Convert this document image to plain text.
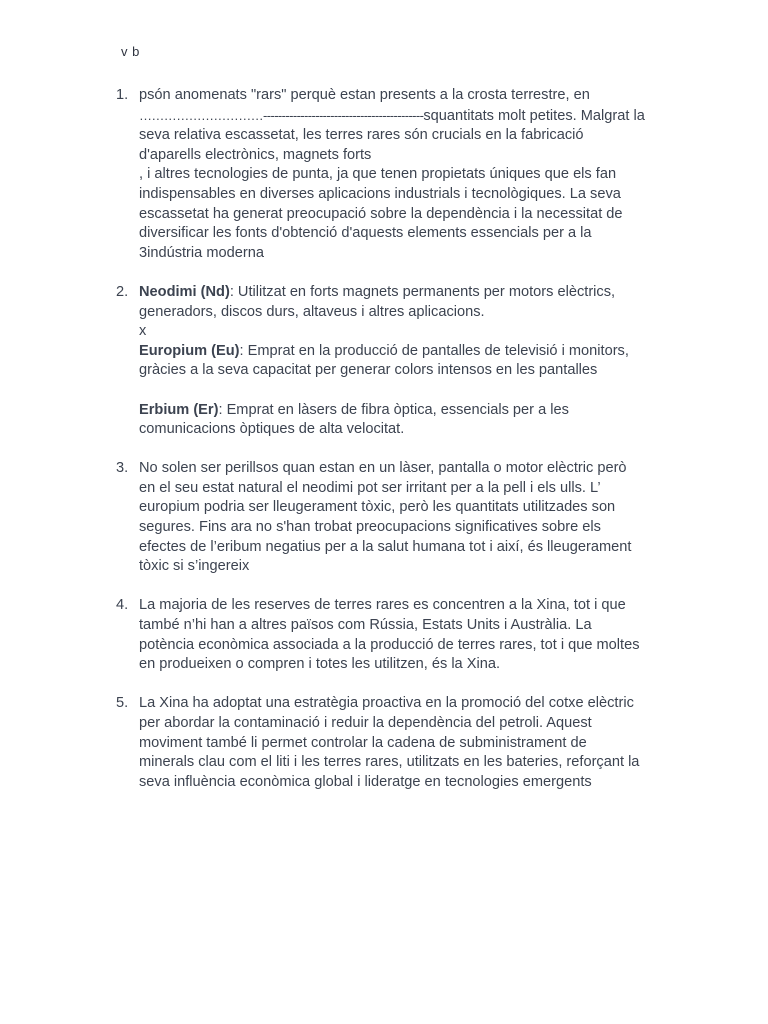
v b
1. psón anomenats "rars" perquè estan presents a la crosta terrestre, en
…………………………-------------------------------------------squantitats molt petites. Malgrat la
seva relativa escassetat, les terres rares són crucials en la fabricació
d'aparells electrònics, magnets forts
, i altres tecnologies de punta, ja que tenen propietats úniques que els fan
indispensables en diverses aplicacions industrials i tecnològiques. La seva
escassetat ha generat preocupació sobre la dependència i la necessitat de
diversificar les fonts d'obtenció d'aquests elements essencials per a la
3indústria moderna
2. Neodimi (Nd): Utilitzat en forts magnets permanents per motors elèctrics,
generadors, discos durs, altaveus i altres aplicacions.
x
Europium (Eu): Emprat en la producció de pantalles de televisió i monitors,
gràcies a la seva capacitat per generar colors intensos en les pantalles
Erbium (Er): Emprat en làsers de fibra òptica, essencials per a les
comunicacions òptiques de alta velocitat.
3. No solen ser perillsos quan estan en un làser, pantalla o motor elèctric però
en el seu estat natural el neodimi pot ser irritant per a la pell i els ulls. L’
europium podria ser lleugerament tòxic, però les quantitats utilitzades son
segures. Fins ara no s'han trobat preocupacions significatives sobre els
efectes de l’eribum negatius per a la salut humana tot i així, és lleugerament
tòxic si s’ingereix
4. La majoria de les reserves de terres rares es concentren a la Xina, tot i que
també n’hi han a altres països com Rússia, Estats Units i Austràlia. La
potència econòmica associada a la producció de terres rares, tot i que moltes
en produeixen o compren i totes les utilitzen, és la Xina.
5. La Xina ha adoptat una estratègia proactiva en la promoció del cotxe elèctric
per abordar la contaminació i reduir la dependència del petroli. Aquest
moviment també li permet controlar la cadena de subministrament de
minerals clau com el liti i les terres rares, utilitzats en les bateries, reforçant la
seva influència econòmica global i lideratge en tecnologies emergents
